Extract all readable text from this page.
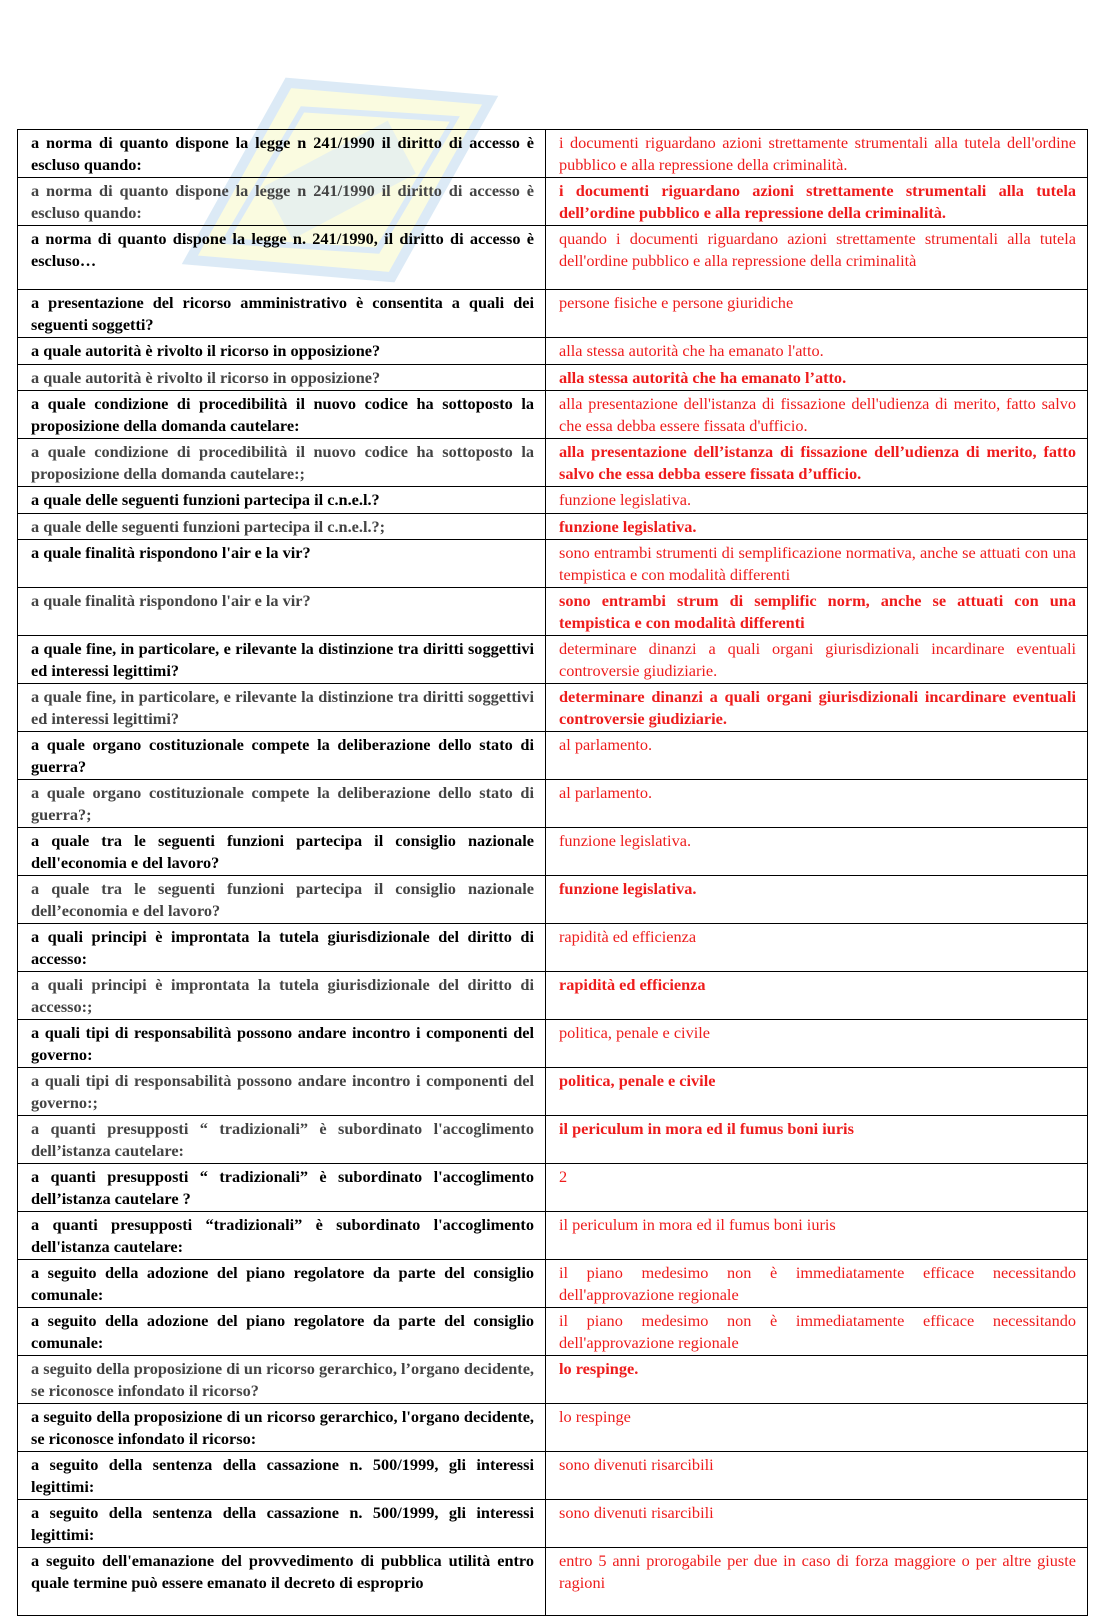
a norma di quanto dispone la legge n 241/1990 il diritto di accesso è escluso quando:	i documenti riguardano azioni strettamente strumentali alla tutela dell'ordine pubblico e alla repressione della criminalità.
a norma di quanto dispone la legge n 241/1990 il diritto di accesso è escluso quando:	i documenti riguardano azioni strettamente strumentali alla tutela dell’ordine pubblico e alla repressione della criminalità.
a norma di quanto dispone la legge n. 241/1990, il diritto di accesso è escluso…	quando i documenti riguardano azioni strettamente strumentali alla tutela dell'ordine pubblico e alla repressione della criminalità
a presentazione del ricorso amministrativo è consentita a quali dei seguenti soggetti?	persone fisiche e persone giuridiche
a quale autorità è rivolto il ricorso in opposizione?	alla stessa autorità che ha emanato l'atto.
a quale autorità è rivolto il ricorso in opposizione?	alla stessa autorità che ha emanato l’atto.
a quale condizione di procedibilità il nuovo codice ha sottoposto la proposizione della domanda cautelare:	alla presentazione dell'istanza di fissazione dell'udienza di merito, fatto salvo che essa debba essere fissata d'ufficio.
a quale condizione di procedibilità il nuovo codice ha sottoposto la proposizione della domanda cautelare:;	alla presentazione dell’istanza di fissazione dell’udienza di merito, fatto salvo che essa debba essere fissata d’ufficio.
a quale delle seguenti funzioni partecipa il c.n.e.l.?	funzione legislativa.
a quale delle seguenti funzioni partecipa il c.n.e.l.?;	funzione legislativa.
a quale finalità rispondono l'air e la vir?	sono entrambi strumenti di semplificazione normativa, anche se attuati con una tempistica e con modalità differenti
a quale finalità rispondono l'air e la vir?	sono entrambi strum di semplific norm, anche se attuati con una tempistica e con modalità differenti
a quale fine, in particolare, e rilevante la distinzione tra diritti soggettivi ed interessi legittimi?	determinare dinanzi a quali organi giurisdizionali incardinare eventuali controversie giudiziarie.
a quale fine, in particolare, e rilevante la distinzione tra diritti soggettivi ed interessi legittimi?	determinare dinanzi a quali organi giurisdizionali incardinare eventuali controversie giudiziarie.
a quale organo costituzionale compete la deliberazione dello stato di guerra?	al parlamento.
a quale organo costituzionale compete la deliberazione dello stato di guerra?;	al parlamento.
a quale tra le seguenti funzioni partecipa il consiglio nazionale dell'economia e del lavoro?	funzione legislativa.
a quale tra le seguenti funzioni partecipa il consiglio nazionale dell’economia e del lavoro?	funzione legislativa.
a quali principi è improntata la tutela giurisdizionale del diritto di accesso:	rapidità ed efficienza
a quali principi è improntata la tutela giurisdizionale del diritto di accesso:;	rapidità ed efficienza
a quali tipi di responsabilità possono andare incontro i componenti del governo:	politica, penale e civile
a quali tipi di responsabilità possono andare incontro i componenti del governo:;	politica, penale e civile
a quanti presupposti “ tradizionali” è subordinato l'accoglimento dell’istanza cautelare:	il periculum in mora ed il fumus boni iuris
a quanti presupposti “ tradizionali” è subordinato l'accoglimento dell’istanza cautelare ?	2
a quanti presupposti “tradizionali” è subordinato l'accoglimento dell'istanza cautelare:	il periculum in mora ed il fumus boni iuris
a seguito della adozione del piano regolatore da parte del consiglio comunale:	il piano medesimo non è immediatamente efficace necessitando dell'approvazione regionale
a seguito della adozione del piano regolatore da parte del consiglio comunale:	il piano medesimo non è immediatamente efficace necessitando dell'approvazione regionale
a seguito della proposizione di un ricorso gerarchico, l’organo decidente, se riconosce infondato il ricorso?	lo respinge.
a seguito della proposizione di un ricorso gerarchico, l'organo decidente, se riconosce infondato il ricorso:	lo respinge
a seguito della sentenza della cassazione n. 500/1999, gli interessi legittimi:	sono divenuti risarcibili
a seguito della sentenza della cassazione n. 500/1999, gli interessi legittimi:	sono divenuti risarcibili
a seguito dell'emanazione del provvedimento di pubblica utilità entro quale termine può essere emanato il decreto di esproprio	entro 5 anni prorogabile per due in caso di forza maggiore o per altre giuste ragioni
